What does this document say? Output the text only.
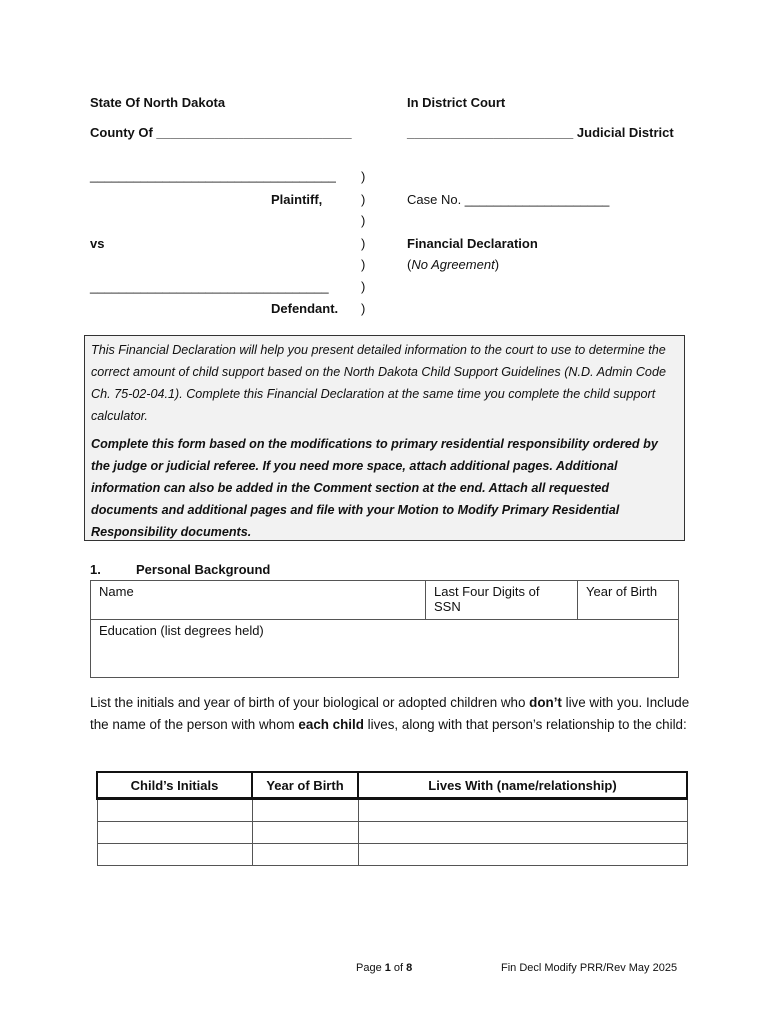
State Of North Dakota	In District Court
County Of ___________________________	_______________________ Judicial District
__________________________________
Plaintiff,
vs
_________________________________
Defendant.
)
)
)
)
)
)
)
Case No. ____________________
Financial Declaration
(No Agreement)

This Financial Declaration will help you present detailed information to the court to use to determine the correct amount of child support based on the North Dakota Child Support Guidelines (N.D. Admin Code Ch. 75-02-04.1). Complete this Financial Declaration at the same time you complete the child support calculator.

Complete this form based on the modifications to primary residential responsibility ordered by the judge or judicial referee. If you need more space, attach additional pages. Additional information can also be added in the Comment section at the end. Attach all requested documents and additional pages and file with your Motion to Modify Primary Residential Responsibility documents.

1.	Personal Background
Name	Last Four Digits of SSN	Year of Birth
Education (list degrees held)
List the initials and year of birth of your biological or adopted children who don’t live with you. Include the name of the person with whom each child lives, along with that person’s relationship to the child:
Child’s Initials	Year of Birth	Lives With (name/relationship)

Page 1 of 8	Fin Decl Modify PRR/Rev May 2025
